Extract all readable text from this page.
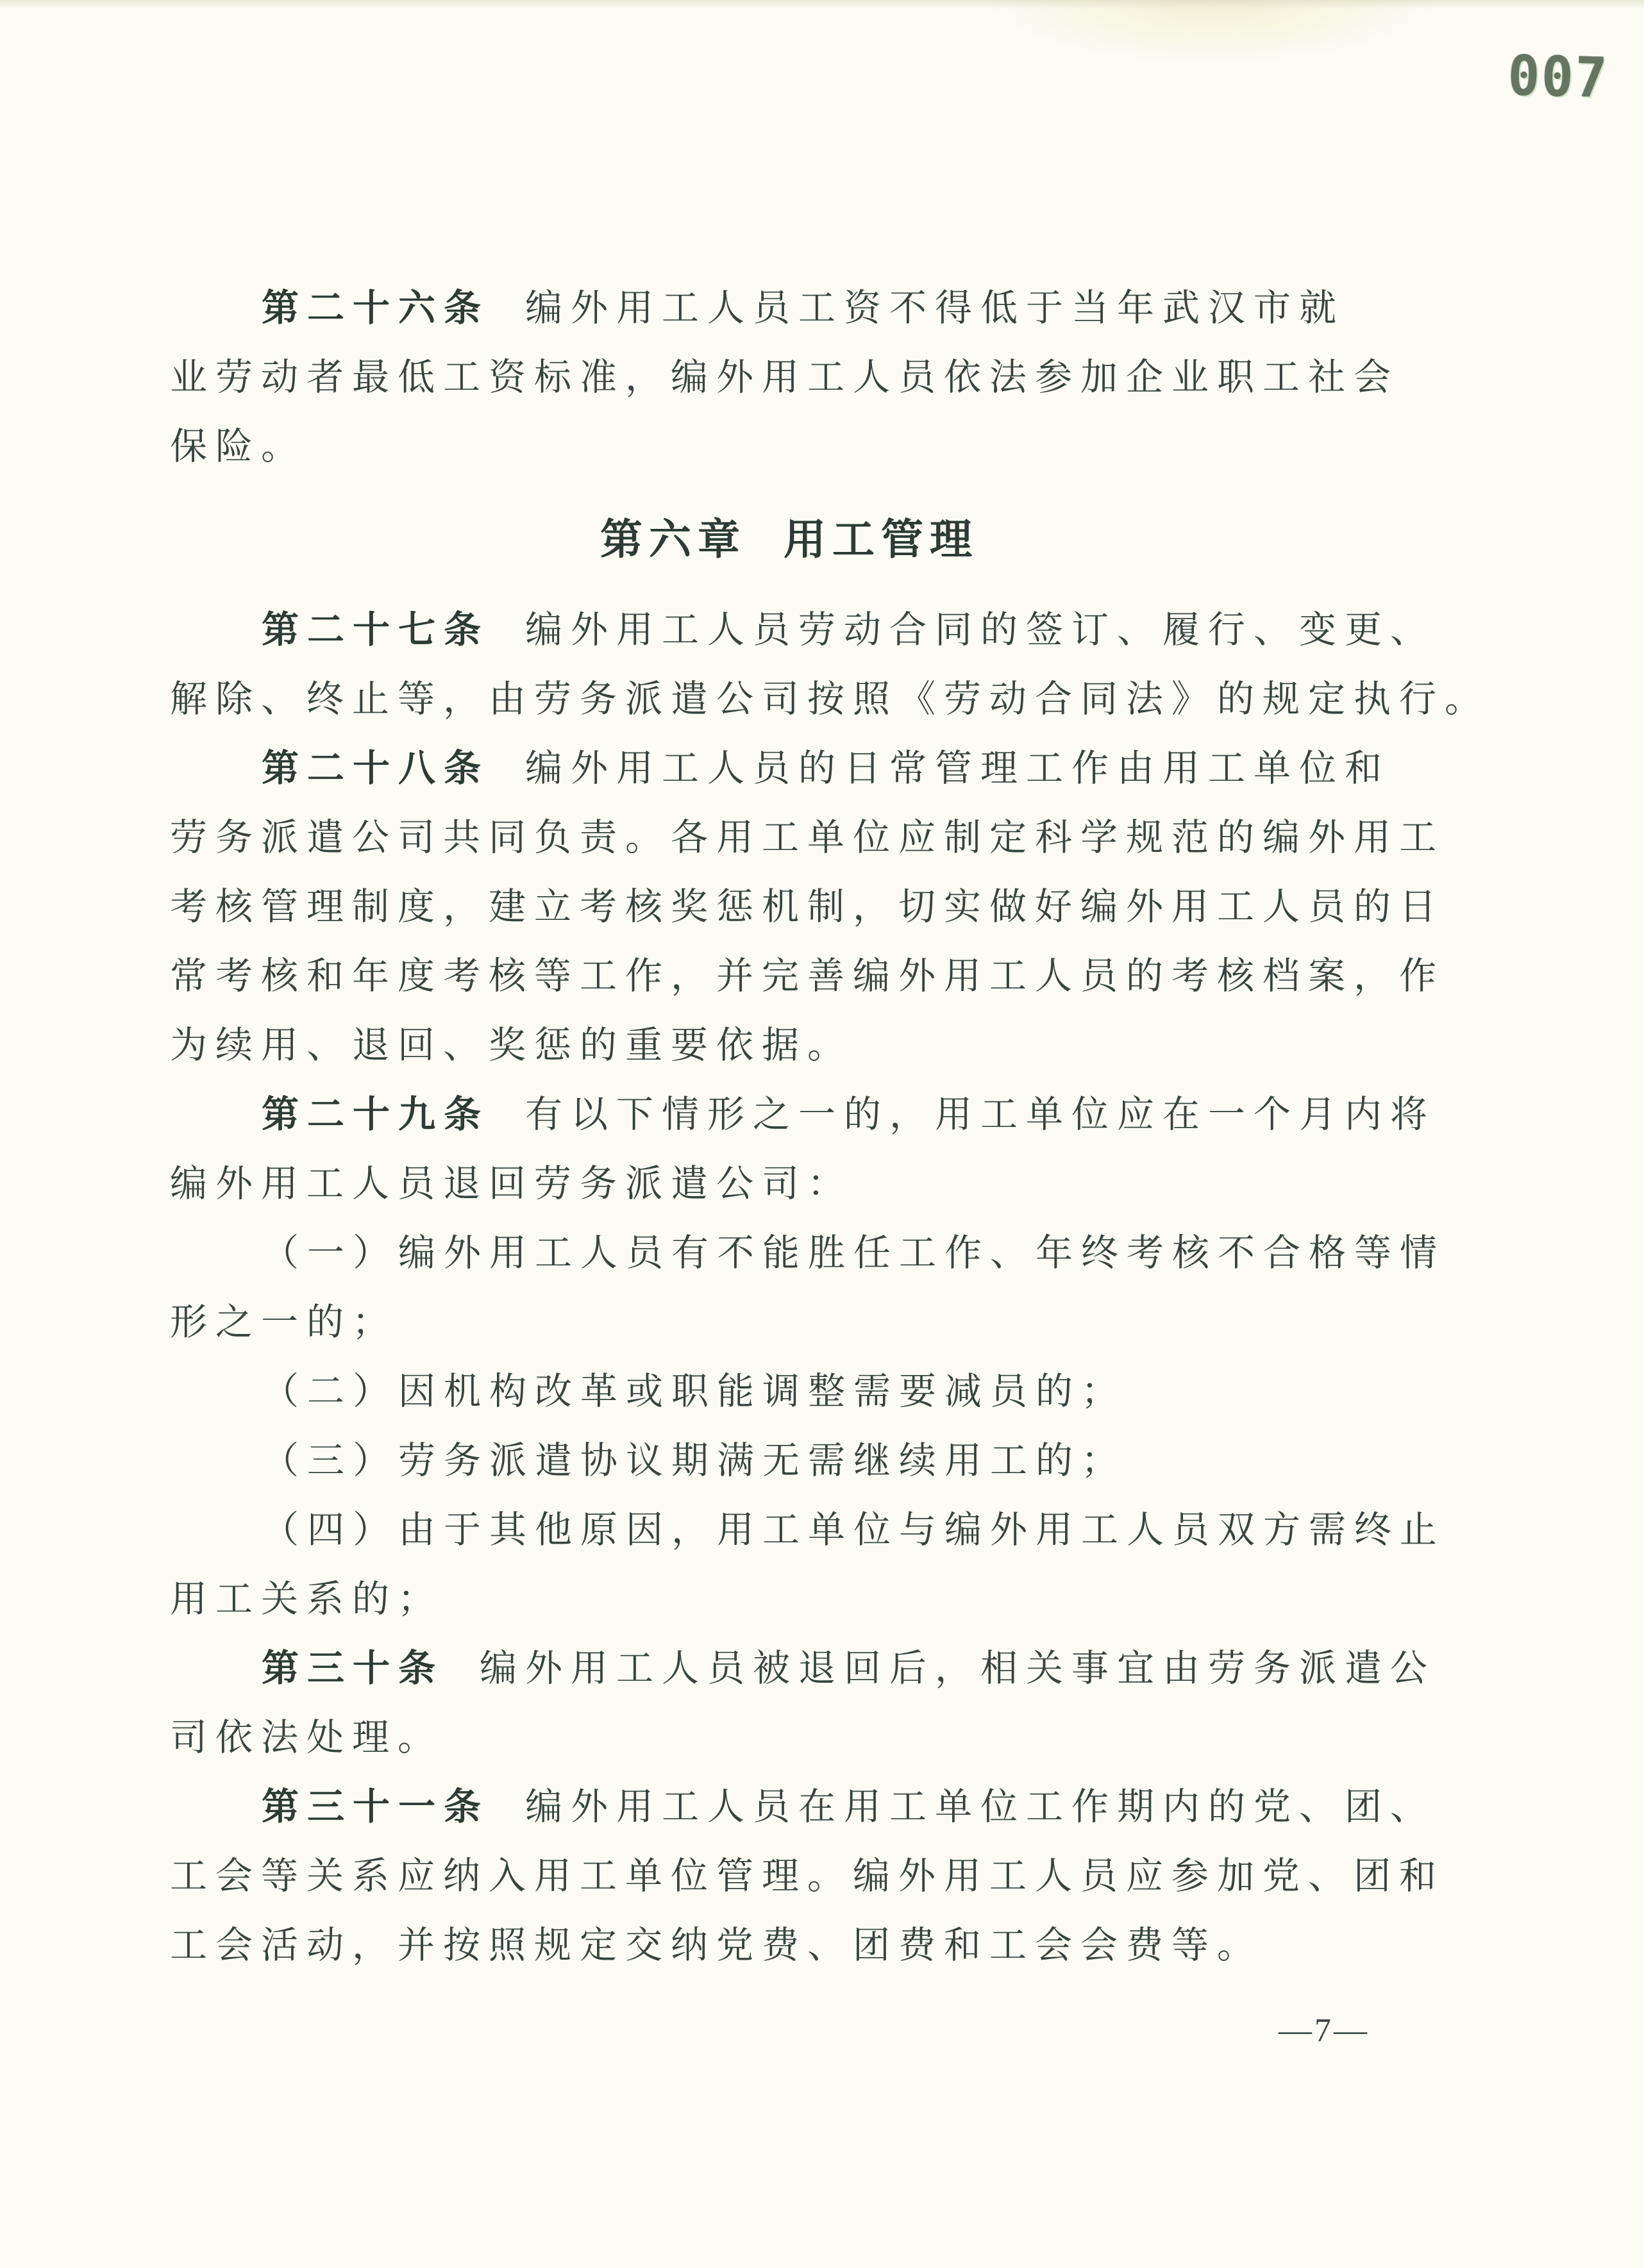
007
第二十六条 编外用工人员工资不得低于当年武汉市就
业劳动者最低工资标准，编外用工人员依法参加企业职工社会
保险。
第六章 用工管理
第二十七条 编外用工人员劳动合同的签订、履行、变更、
解除、终止等，由劳务派遣公司按照《劳动合同法》的规定执行。
第二十八条 编外用工人员的日常管理工作由用工单位和
劳务派遣公司共同负责。各用工单位应制定科学规范的编外用工
考核管理制度，建立考核奖惩机制，切实做好编外用工人员的日
常考核和年度考核等工作，并完善编外用工人员的考核档案，作
为续用、退回、奖惩的重要依据。
第二十九条 有以下情形之一的，用工单位应在一个月内将
编外用工人员退回劳务派遣公司：
（一）编外用工人员有不能胜任工作、年终考核不合格等情
形之一的；
（二）因机构改革或职能调整需要减员的；
（三）劳务派遣协议期满无需继续用工的；
（四）由于其他原因，用工单位与编外用工人员双方需终止
用工关系的；
第三十条 编外用工人员被退回后，相关事宜由劳务派遣公
司依法处理。
第三十一条 编外用工人员在用工单位工作期内的党、团、
工会等关系应纳入用工单位管理。编外用工人员应参加党、团和
工会活动，并按照规定交纳党费、团费和工会会费等。
—7—
